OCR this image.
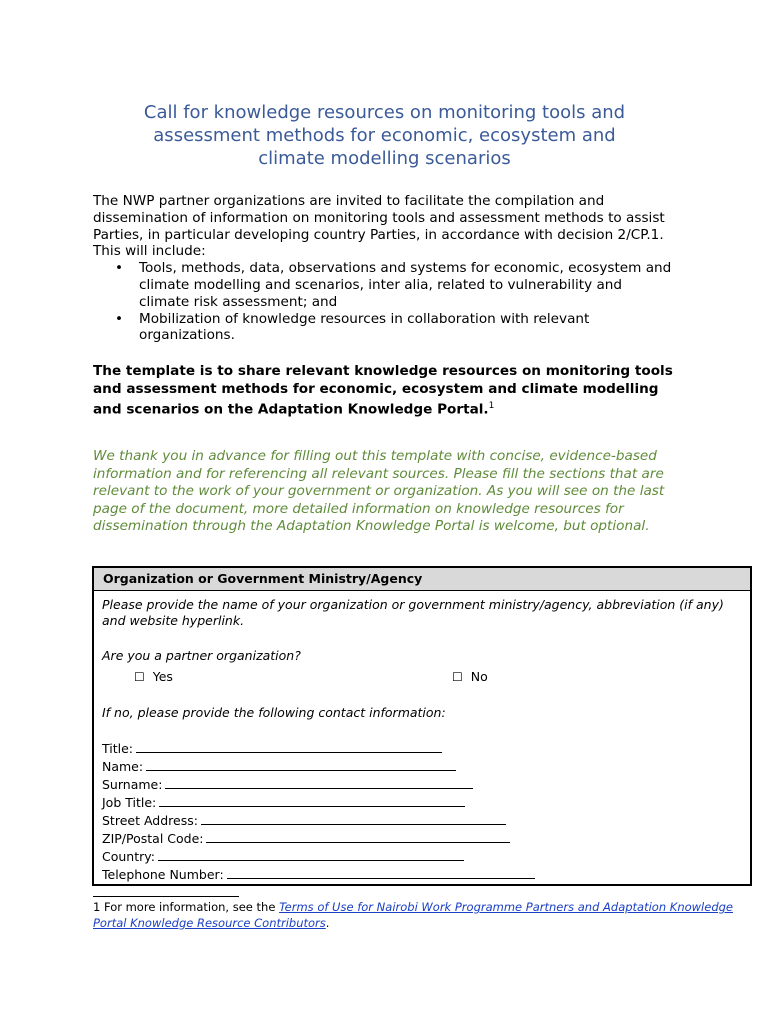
Call for knowledge resources on monitoring tools and
assessment methods for economic, ecosystem and
climate modelling scenarios

The NWP partner organizations are invited to facilitate the compilation and dissemination of information on monitoring tools and assessment methods to assist Parties, in particular developing country Parties, in accordance with decision 2/CP.1. This will include:

• Tools, methods, data, observations and systems for economic, ecosystem and climate modelling and scenarios, inter alia, related to vulnerability and climate risk assessment; and
• Mobilization of knowledge resources in collaboration with relevant organizations.
The template is to share relevant knowledge resources on monitoring tools and assessment methods for economic, ecosystem and climate modelling and scenarios on the Adaptation Knowledge Portal.$^1$
We thank you in advance for filling out this template with concise, evidence-based information and for referencing all relevant sources. Please fill the sections that are relevant to the work of your government or organization. As you will see on the last page of the document, more detailed information on knowledge resources for dissemination through the Adaptation Knowledge Portal is welcome, but optional.
Organization or Government Ministry/Agency
Please provide the name of your organization or government ministry/agency, abbreviation (if any) and website hyperlink.
Are you a partner organization?
☐ Yes	☐ No
If no, please provide the following contact information:
Title:
Name:
Surname:
Job Title:
Street Address:
ZIP/Postal Code:
Country:
Telephone Number:
1 For more information, see the Terms of Use for Nairobi Work Programme Partners and Adaptation Knowledge Portal Knowledge Resource Contributors.
